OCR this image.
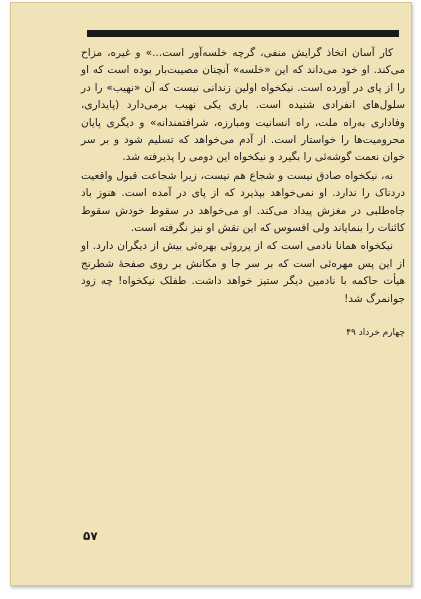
کار آسان اتخاذ گرایش منفی، گرچه خلسه‌آور است...» و غیره، مزاح می‌کند. او خود می‌داند که این «خلسه» آنچنان مصیبت‌بار بوده است که او را از پای در آورده است. نیکخواه اولین زندانی نیست که آن «نهیب» را در سلول‌های انفرادی شنیده است. باری یکی نهیب برمی‌دارد (پایداری، وفاداری به‌راه ملت، راه انسانیت ومبارزه، شرافتمندانه» و دیگری پایان محرومیت‌ها را خواستار است. از آدم می‌خواهد که تسلیم شود و بر سر خوان نعمت گوشه‌ئی را بگیرد و نیکخواه این دومی را پذیرفته شد.

نه، نیکخواه صادق نیست و شجاع هم نیست، زیرا شجاعت قبول واقعیت دردناک را ندارد. او نمی‌خواهد بپذیرد که از پای در آمده است. هنوز باد جاه‌طلبی در مغزش پیداد می‌کند. او می‌خواهد در سقوط خودش سقوط کائنات را بنمایاند ولی افسوس که این نقش او نیز نگرفته است.

نیکخواه همانا نادمی است که از پرروئی بهره‌ئی بیش از دیگران دارد. او از این پس مهره‌ئی است که بر سر جا و مکانش بر روی صفحهٔ شطرنج هیأت حاکمه با نادمین دیگر ستیز خواهد داشت. طفلک نیکخواه! چه زود جوانمرگ شد!

چهارم خرداد ۴۹
۵۷
